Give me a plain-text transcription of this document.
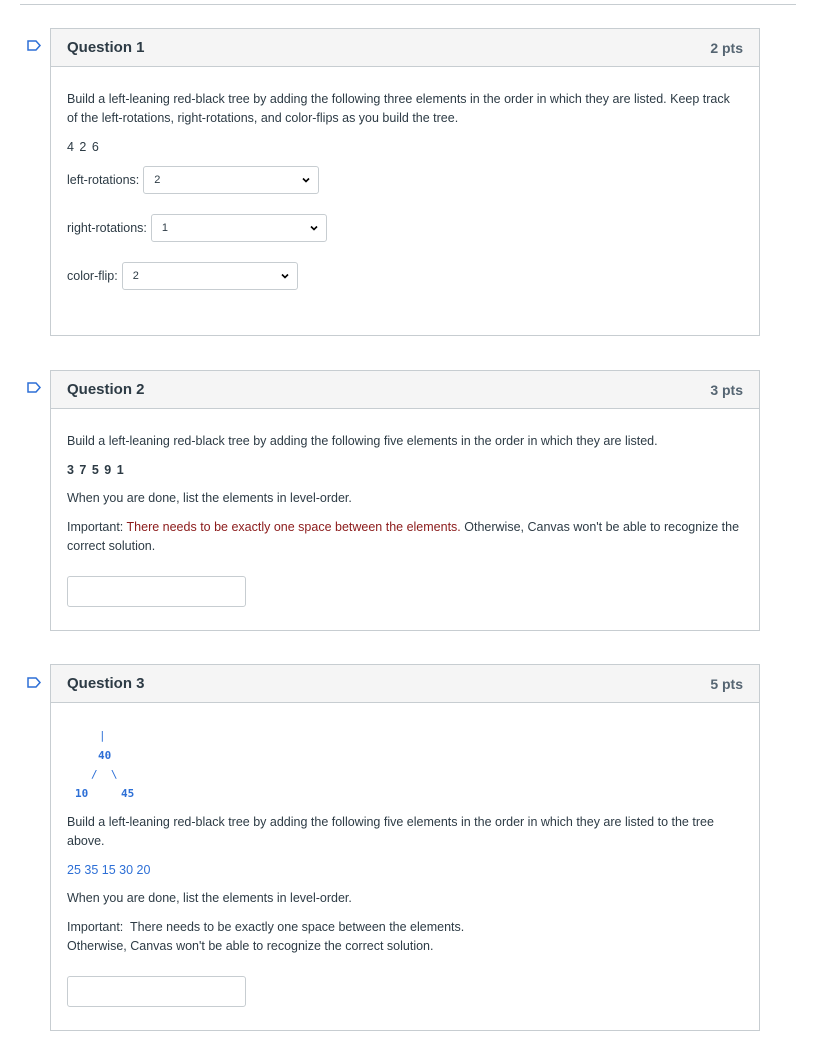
Question 1	2 pts

Build a left-leaning red-black tree by adding the following three elements in the order in which they are listed. Keep track of the left-rotations, right-rotations, and color-flips as you build the tree.

4 2 6

left-rotations: 2
right-rotations: 1
color-flip: 2
Question 2	3 pts

Build a left-leaning red-black tree by adding the following five elements in the order in which they are listed.

3 7 5 9 1

When you are done, list the elements in level-order.

Important: There needs to be exactly one space between the elements. Otherwise, Canvas won't be able to recognize the correct solution.

Question 3	5 pts
|
40
/  \
10	45

Build a left-leaning red-black tree by adding the following five elements in the order in which they are listed to the tree above.

25 35 15 30 20

When you are done, list the elements in level-order.

Important:  There needs to be exactly one space between the elements.

Otherwise, Canvas won't be able to recognize the correct solution.
